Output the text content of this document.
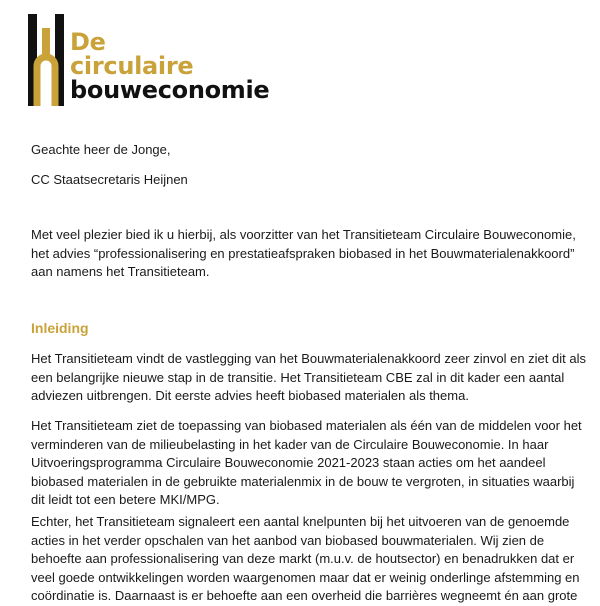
De
circulaire
bouweconomie

Geachte heer de Jonge,

CC Staatsecretaris Heijnen

Met veel plezier bied ik u hierbij, als voorzitter van het Transitieteam Circulaire Bouweconomie, het advies “professionalisering en prestatieafspraken biobased in het Bouwmaterialenakkoord” aan namens het Transitieteam.

Inleiding

Het Transitieteam vindt de vastlegging van het Bouwmaterialenakkoord zeer zinvol en ziet dit als een belangrijke nieuwe stap in de transitie. Het Transitieteam CBE zal in dit kader een aantal adviezen uitbrengen. Dit eerste advies heeft biobased materialen als thema.

Het Transitieteam ziet de toepassing van biobased materialen als één van de middelen voor het verminderen van de milieubelasting in het kader van de Circulaire Bouweconomie. In haar Uitvoeringsprogramma Circulaire Bouweconomie 2021-2023 staan acties om het aandeel biobased materialen in de gebruikte materialenmix in de bouw te vergroten, in situaties waarbij dit leidt tot een betere MKI/MPG.

Echter, het Transitieteam signaleert een aantal knelpunten bij het uitvoeren van de genoemde acties in het verder opschalen van het aanbod van biobased bouwmaterialen. Wij zien de behoefte aan professionalisering van deze markt (m.u.v. de houtsector) en benadrukken dat er veel goede ontwikkelingen worden waargenomen maar dat er weinig onderlinge afstemming en coördinatie is. Daarnaast is er behoefte aan een overheid die barrières wegneemt én aan grote
